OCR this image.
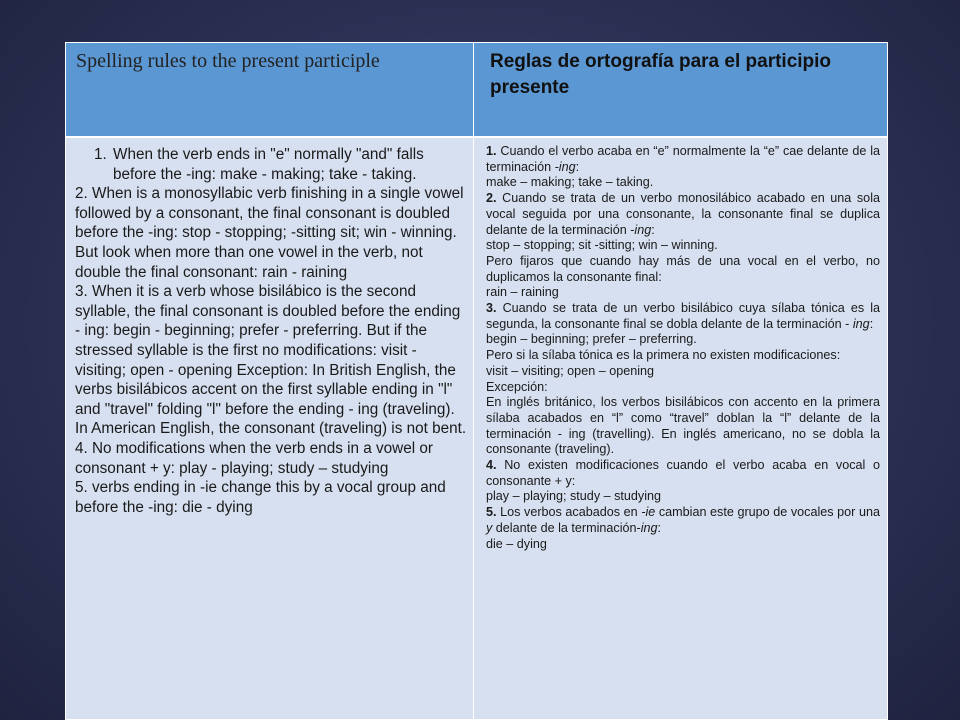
Spelling rules to the present participle	Reglas de ortografía para el participio presente
1. When the verb ends in "e" normally "and" falls before the -ing: make - making; take - taking.

2. When is a monosyllabic verb finishing in a single vowel followed by a consonant, the final consonant is doubled before the -ing: stop - stopping; -sitting sit; win - winning. But look when more than one vowel in the verb, not double the final consonant: rain - raining

3. When it is a verb whose bisilábico is the second syllable, the final consonant is doubled before the ending - ing: begin - beginning; prefer - preferring. But if the stressed syllable is the first no modifications: visit - visiting; open - opening Exception: In British English, the verbs bisilábicos accent on the first syllable ending in "l" and "travel" folding "l" before the ending - ing (traveling). In American English, the consonant (traveling) is not bent.

4. No modifications when the verb ends in a vowel or consonant + y: play - playing; study – studying

5. verbs ending in -ie change this by a vocal group and before the -ing: die - dying

1. Cuando el verbo acaba en “e” normalmente la “e” cae delante de la terminación -ing:

make – making; take – taking.

2. Cuando se trata de un verbo monosilábico acabado en una sola vocal seguida por una consonante, la consonante final se duplica delante de la terminación -ing:

stop – stopping; sit -sitting; win – winning.

Pero fijaros que cuando hay más de una vocal en el verbo, no duplicamos la consonante final:

rain – raining

3. Cuando se trata de un verbo bisilábico cuya sílaba tónica es la segunda, la consonante final se dobla delante de la terminación - ing:

begin – beginning; prefer – preferring.

Pero si la sílaba tónica es la primera no existen modificaciones:

visit – visiting; open – opening

Excepción:

En inglés británico, los verbos bisilábicos con accento en la primera sílaba acabados en “l” como “travel” doblan la “l” delante de la terminación - ing (travelling). En inglés americano, no se dobla la consonante (traveling).

4. No existen modificaciones cuando el verbo acaba en vocal o consonante + y:

play – playing; study – studying

5. Los verbos acabados en -ie cambian este grupo de vocales por una y delante de la terminación-ing:

die – dying
